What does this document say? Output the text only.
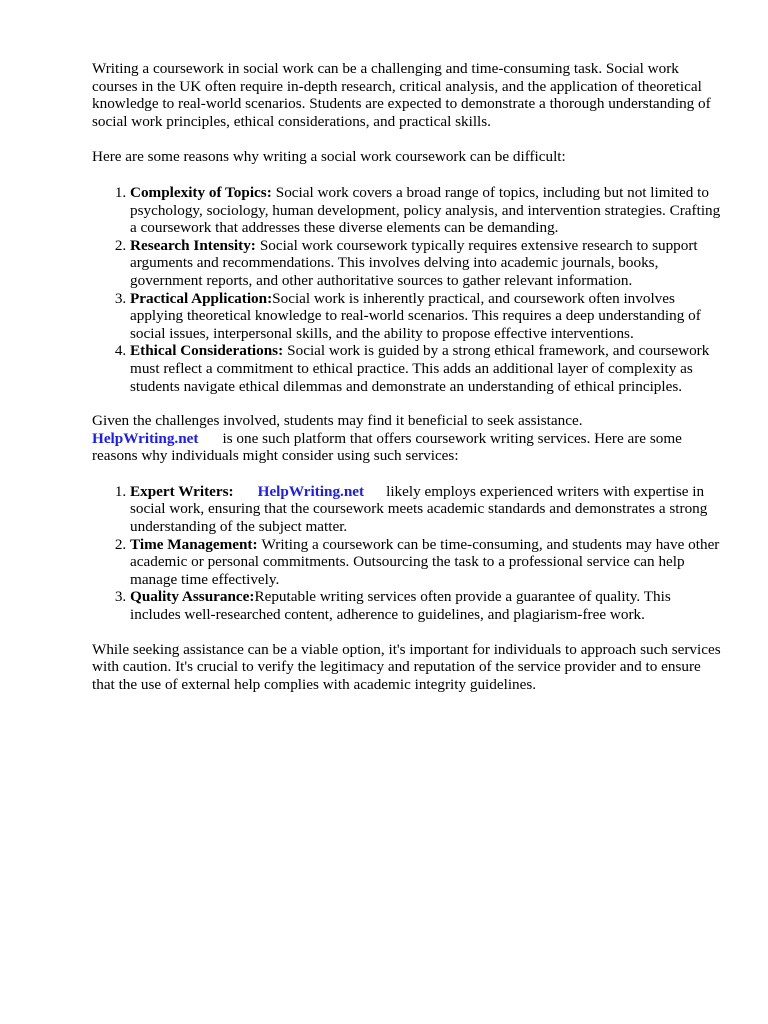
Writing a coursework in social work can be a challenging and time-consuming task. Social work courses in the UK often require in-depth research, critical analysis, and the application of theoretical knowledge to real-world scenarios. Students are expected to demonstrate a thorough understanding of social work principles, ethical considerations, and practical skills.

Here are some reasons why writing a social work coursework can be difficult:

1. Complexity of Topics: Social work covers a broad range of topics, including but not limited to psychology, sociology, human development, policy analysis, and intervention strategies. Crafting a coursework that addresses these diverse elements can be demanding.
2. Research Intensity: Social work coursework typically requires extensive research to support arguments and recommendations. This involves delving into academic journals, books, government reports, and other authoritative sources to gather relevant information.
3. Practical Application:Social work is inherently practical, and coursework often involves applying theoretical knowledge to real-world scenarios. This requires a deep understanding of social issues, interpersonal skills, and the ability to propose effective interventions.
4. Ethical Considerations: Social work is guided by a strong ethical framework, and coursework must reflect a commitment to ethical practice. This adds an additional layer of complexity as students navigate ethical dilemmas and demonstrate an understanding of ethical principles.

Given the challenges involved, students may find it beneficial to seek assistance.
HelpWriting.net is one such platform that offers coursework writing services. Here are some reasons why individuals might consider using such services:

1. Expert Writers: HelpWriting.net likely employs experienced writers with expertise in social work, ensuring that the coursework meets academic standards and demonstrates a strong understanding of the subject matter.
2. Time Management: Writing a coursework can be time-consuming, and students may have other academic or personal commitments. Outsourcing the task to a professional service can help manage time effectively.
3. Quality Assurance:Reputable writing services often provide a guarantee of quality. This includes well-researched content, adherence to guidelines, and plagiarism-free work.

While seeking assistance can be a viable option, it's important for individuals to approach such services with caution. It's crucial to verify the legitimacy and reputation of the service provider and to ensure that the use of external help complies with academic integrity guidelines.
